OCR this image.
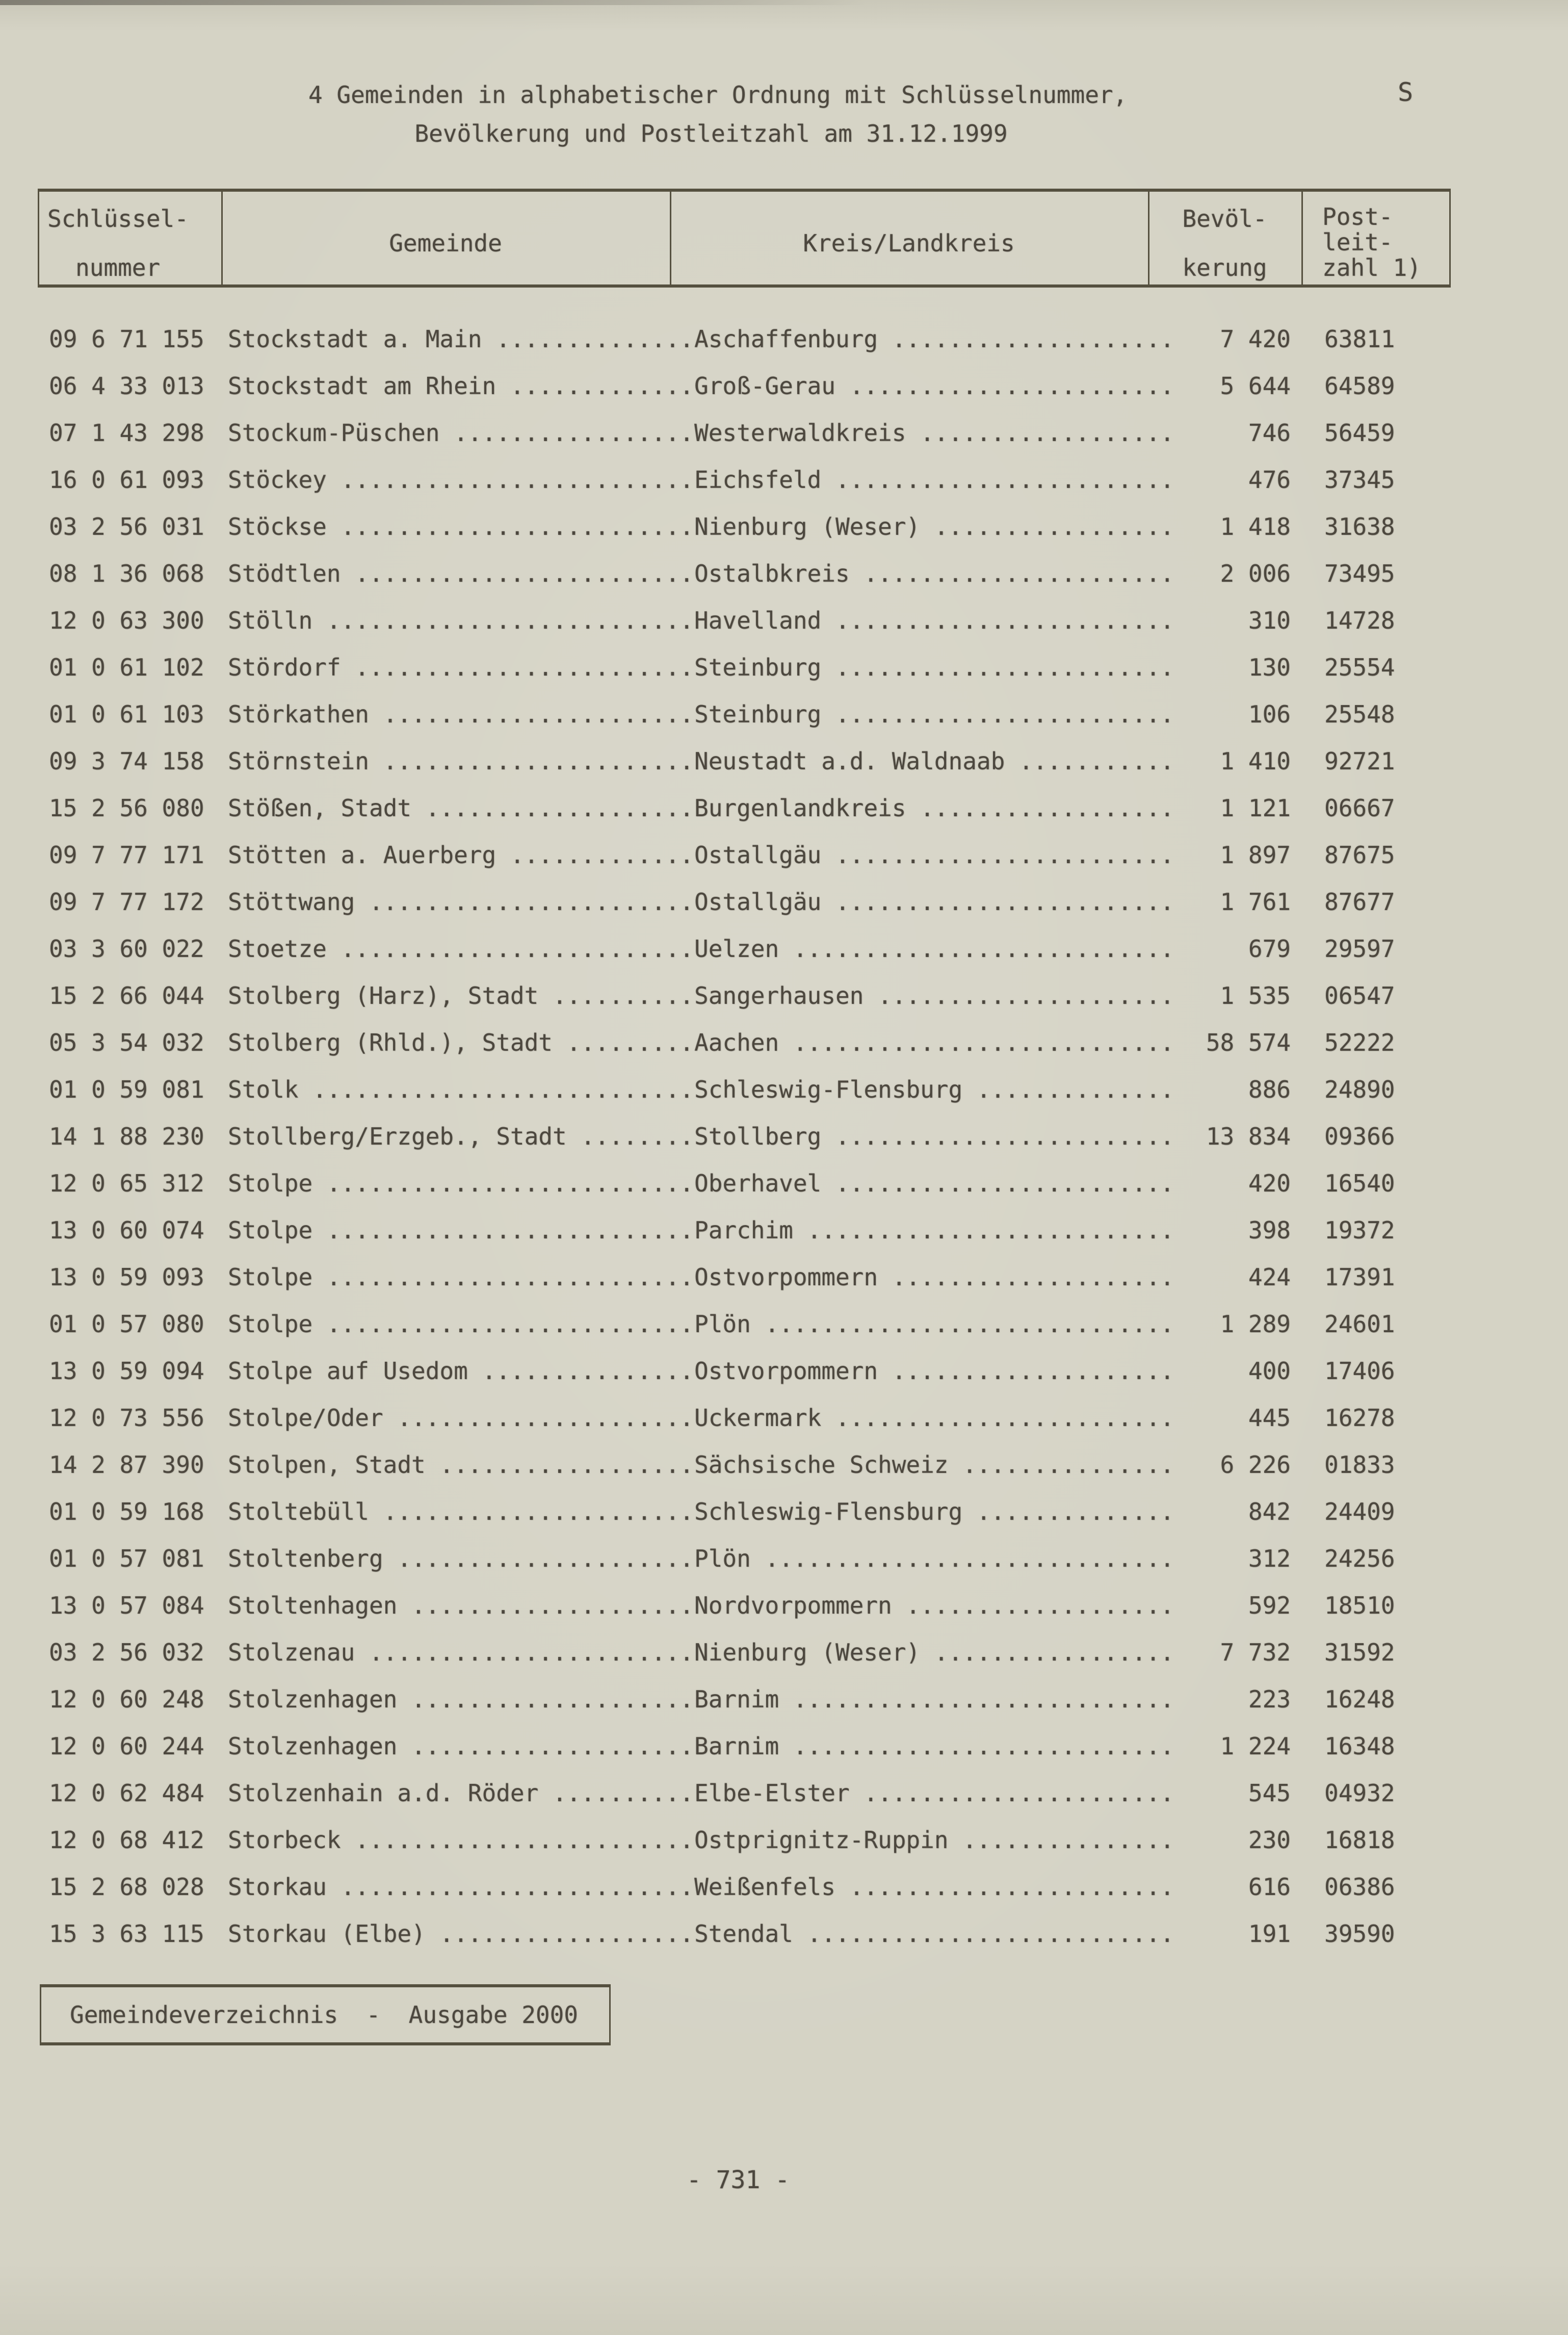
4 Gemeinden in alphabetischer Ordnung mit Schlüsselnummer,
Bevölkerung und Postleitzahl am 31.12.1999
S
Schlüssel-
nummer
Gemeinde	Kreis/Landkreis
Bevöl-
kerung
Post-
leit-
zahl 1)
09 6 71 155 Stockstadt a. Main .............. Aschaffenburg ....................	7 420 63811
06 4 33 013 Stockstadt am Rhein ............. Groß-Gerau .......................	5 644 64589
07 1 43 298 Stockum-Püschen ................. Westerwaldkreis ..................	746 56459
16 0 61 093 Stöckey ......................... Eichsfeld ........................	476 37345
03 2 56 031 Stöckse ......................... Nienburg (Weser) .................	1 418 31638
08 1 36 068 Stödtlen ........................ Ostalbkreis ......................	2 006 73495
12 0 63 300 Stölln .......................... Havelland ........................	310 14728
01 0 61 102 Stördorf ........................ Steinburg ........................	130 25554
01 0 61 103 Störkathen ...................... Steinburg ........................	106 25548
09 3 74 158 Störnstein ...................... Neustadt a.d. Waldnaab ...........	1 410 92721
15 2 56 080 Stößen, Stadt ................... Burgenlandkreis ..................	1 121 06667
09 7 77 171 Stötten a. Auerberg ............. Ostallgäu ........................	1 897 87675
09 7 77 172 Stöttwang ....................... Ostallgäu ........................	1 761 87677
03 3 60 022 Stoetze ......................... Uelzen ...........................	679 29597
15 2 66 044 Stolberg (Harz), Stadt .......... Sangerhausen .....................	1 535 06547
05 3 54 032 Stolberg (Rhld.), Stadt ......... Aachen ...........................	58 574 52222
01 0 59 081 Stolk ........................... Schleswig-Flensburg ..............	886 24890
14 1 88 230 Stollberg/Erzgeb., Stadt ........ Stollberg ........................	13 834 09366
12 0 65 312 Stolpe .......................... Oberhavel ........................	420 16540
13 0 60 074 Stolpe .......................... Parchim ..........................	398 19372
13 0 59 093 Stolpe .......................... Ostvorpommern ....................	424 17391
01 0 57 080 Stolpe .......................... Plön .............................	1 289 24601
13 0 59 094 Stolpe auf Usedom ............... Ostvorpommern ....................	400 17406
12 0 73 556 Stolpe/Oder ..................... Uckermark ........................	445 16278
14 2 87 390 Stolpen, Stadt .................. Sächsische Schweiz ...............	6 226 01833
01 0 59 168 Stoltebüll ...................... Schleswig-Flensburg ..............	842 24409
01 0 57 081 Stoltenberg ..................... Plön .............................	312 24256
13 0 57 084 Stoltenhagen .................... Nordvorpommern ...................	592 18510
03 2 56 032 Stolzenau ....................... Nienburg (Weser) .................	7 732 31592
12 0 60 248 Stolzenhagen .................... Barnim ...........................	223 16248
12 0 60 244 Stolzenhagen .................... Barnim ...........................	1 224 16348
12 0 62 484 Stolzenhain a.d. Röder .......... Elbe-Elster ......................	545 04932
12 0 68 412 Storbeck ........................ Ostprignitz-Ruppin ...............	230 16818
15 2 68 028 Storkau ......................... Weißenfels .......................	616 06386
15 3 63 115 Storkau (Elbe) .................. Stendal ..........................	191 39590
Gemeindeverzeichnis  -  Ausgabe 2000
- 731 -
